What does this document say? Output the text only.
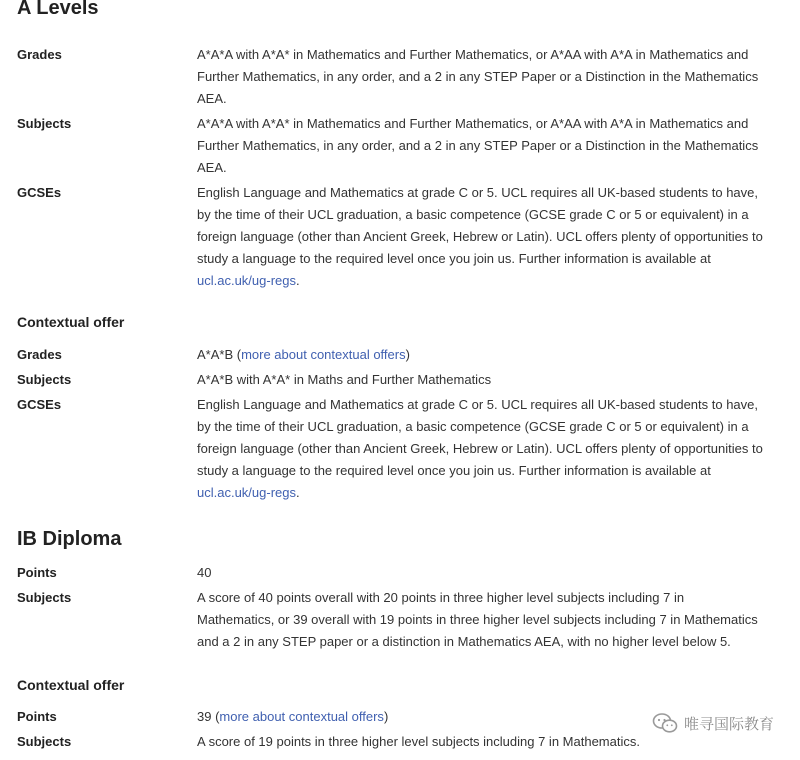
A Levels
Grades	A*A*A with A*A* in Mathematics and Further Mathematics, or A*AA with A*A in Mathematics and Further Mathematics, in any order, and a 2 in any STEP Paper or a Distinction in the Mathematics AEA.
Subjects	A*A*A with A*A* in Mathematics and Further Mathematics, or A*AA with A*A in Mathematics and Further Mathematics, in any order, and a 2 in any STEP Paper or a Distinction in the Mathematics AEA.
GCSEs	English Language and Mathematics at grade C or 5. UCL requires all UK-based students to have, by the time of their UCL graduation, a basic competence (GCSE grade C or 5 or equivalent) in a foreign language (other than Ancient Greek, Hebrew or Latin). UCL offers plenty of opportunities to study a language to the required level once you join us. Further information is available at ucl.ac.uk/ug-regs.
Contextual offer
Grades	A*A*B (more about contextual offers)
Subjects	A*A*B with A*A* in Maths and Further Mathematics
GCSEs	English Language and Mathematics at grade C or 5. UCL requires all UK-based students to have, by the time of their UCL graduation, a basic competence (GCSE grade C or 5 or equivalent) in a foreign language (other than Ancient Greek, Hebrew or Latin). UCL offers plenty of opportunities to study a language to the required level once you join us. Further information is available at ucl.ac.uk/ug-regs.
IB Diploma
Points	40
Subjects	A score of 40 points overall with 20 points in three higher level subjects including 7 in Mathematics, or 39 overall with 19 points in three higher level subjects including 7 in Mathematics and a 2 in any STEP paper or a distinction in Mathematics AEA, with no higher level below 5.
Contextual offer
Points	39 (more about contextual offers)
Subjects	A score of 19 points in three higher level subjects including 7 in Mathematics.
唯寻国际教育
